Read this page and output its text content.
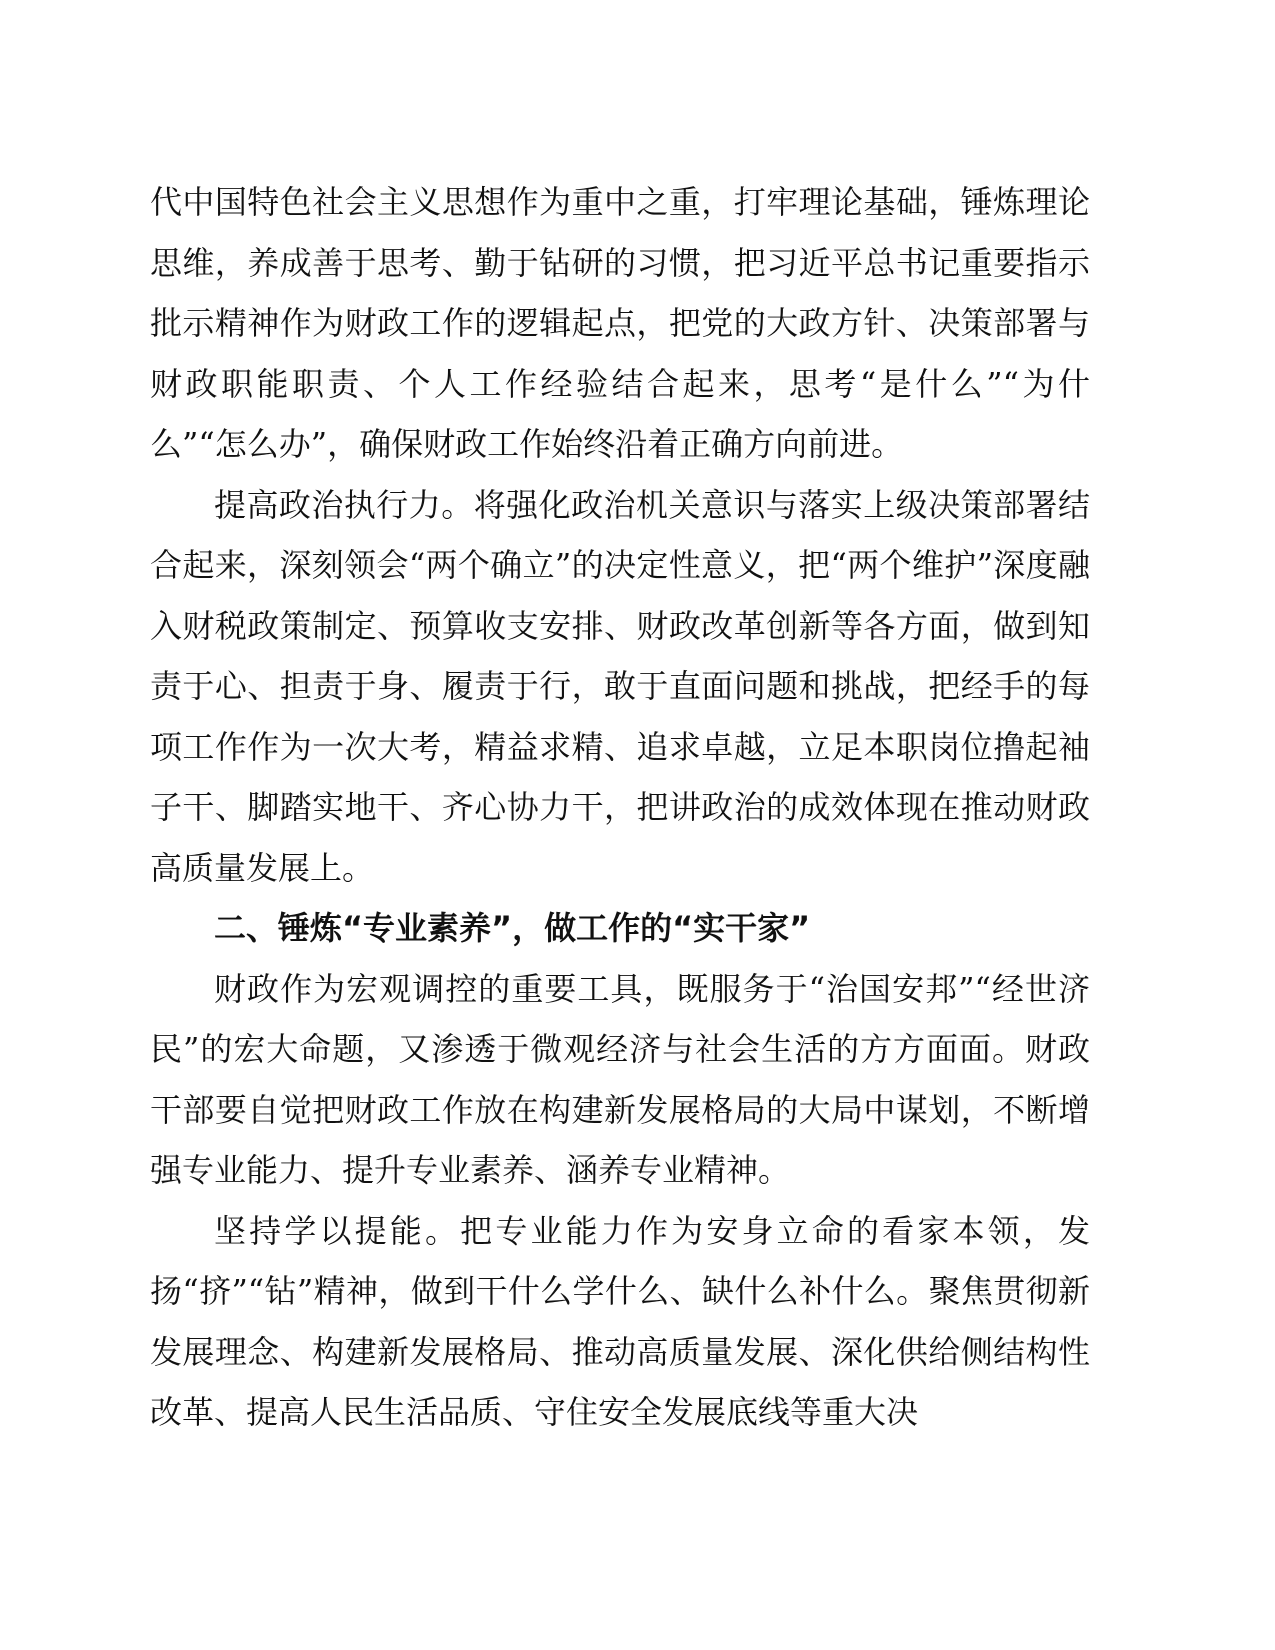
代中国特色社会主义思想作为重中之重，打牢理论基础，锤炼理论思维，养成善于思考、勤于钻研的习惯，把习近平总书记重要指示批示精神作为财政工作的逻辑起点，把党的大政方针、决策部署与财政职能职责、个人工作经验结合起来，思考“是什么”“为什么”“怎么办”，确保财政工作始终沿着正确方向前进。

提高政治执行力。将强化政治机关意识与落实上级决策部署结合起来，深刻领会“两个确立”的决定性意义，把“两个维护”深度融入财税政策制定、预算收支安排、财政改革创新等各方面，做到知责于心、担责于身、履责于行，敢于直面问题和挑战，把经手的每项工作作为一次大考，精益求精、追求卓越，立足本职岗位撸起袖子干、脚踏实地干、齐心协力干，把讲政治的成效体现在推动财政高质量发展上。

二、锤炼“专业素养”，做工作的“实干家”

财政作为宏观调控的重要工具，既服务于“治国安邦”“经世济民”的宏大命题，又渗透于微观经济与社会生活的方方面面。财政干部要自觉把财政工作放在构建新发展格局的大局中谋划，不断增强专业能力、提升专业素养、涵养专业精神。

坚持学以提能。把专业能力作为安身立命的看家本领，发扬“挤”“钻”精神，做到干什么学什么、缺什么补什么。聚焦贯彻新发展理念、构建新发展格局、推动高质量发展、深化供给侧结构性改革、提高人民生活品质、守住安全发展底线等重大决
